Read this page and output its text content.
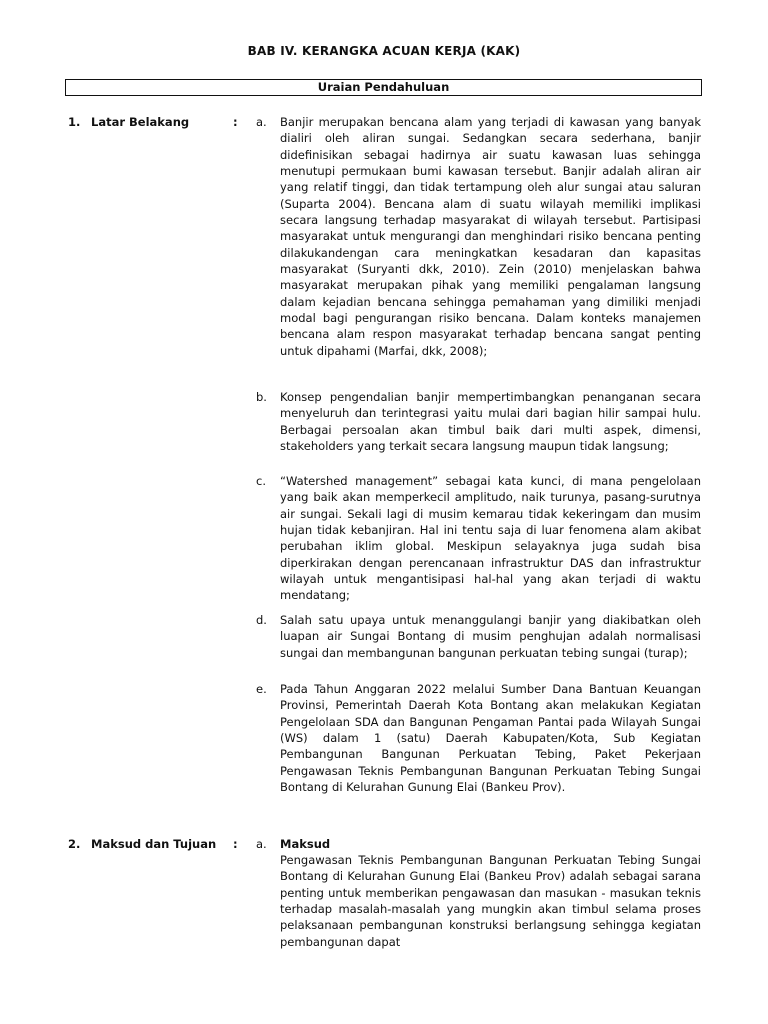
BAB IV. KERANGKA ACUAN KERJA (KAK)
Uraian Pendahuluan
1. Latar Belakang	: a. Banjir merupakan bencana alam yang terjadi di kawasan yang banyak dialiri oleh aliran sungai. Sedangkan secara sederhana, banjir didefinisikan sebagai hadirnya air suatu kawasan luas sehingga menutupi permukaan bumi kawasan tersebut. Banjir adalah aliran air yang relatif tinggi, dan tidak tertampung oleh alur sungai atau saluran (Suparta 2004). Bencana alam di suatu wilayah memiliki implikasi secara langsung terhadap masyarakat di wilayah tersebut. Partisipasi masyarakat untuk mengurangi dan menghindari risiko bencana penting dilakukandengan cara meningkatkan kesadaran dan kapasitas masyarakat (Suryanti dkk, 2010). Zein (2010) menjelaskan bahwa masyarakat merupakan pihak yang memiliki pengalaman langsung dalam kejadian bencana sehingga pemahaman yang dimiliki menjadi modal bagi pengurangan risiko bencana. Dalam konteks manajemen bencana alam respon masyarakat terhadap bencana sangat penting untuk dipahami (Marfai, dkk, 2008);
b. Konsep pengendalian banjir mempertimbangkan penanganan secara menyeluruh dan terintegrasi yaitu mulai dari bagian hilir sampai hulu. Berbagai persoalan akan timbul baik dari multi aspek, dimensi, stakeholders yang terkait secara langsung maupun tidak langsung;
c. “Watershed management” sebagai kata kunci, di mana pengelolaan yang baik akan memperkecil amplitudo, naik turunya, pasang-surutnya air sungai. Sekali lagi di musim kemarau tidak kekeringam dan musim hujan tidak kebanjiran. Hal ini tentu saja di luar fenomena alam akibat perubahan iklim global. Meskipun selayaknya juga sudah bisa diperkirakan dengan perencanaan infrastruktur DAS dan infrastruktur wilayah untuk mengantisipasi hal-hal yang akan terjadi di waktu mendatang;
d. Salah satu upaya untuk menanggulangi banjir yang diakibatkan oleh luapan air Sungai Bontang di musim penghujan adalah normalisasi sungai dan membangunan bangunan perkuatan tebing sungai (turap);
e. Pada Tahun Anggaran 2022 melalui Sumber Dana Bantuan Keuangan Provinsi, Pemerintah Daerah Kota Bontang akan melakukan Kegiatan Pengelolaan SDA dan Bangunan Pengaman Pantai pada Wilayah Sungai (WS) dalam 1 (satu) Daerah Kabupaten/Kota, Sub Kegiatan Pembangunan Bangunan Perkuatan Tebing, Paket Pekerjaan Pengawasan Teknis Pembangunan Bangunan Perkuatan Tebing Sungai Bontang di Kelurahan Gunung Elai (Bankeu Prov).
2. Maksud dan Tujuan : a. Maksud
Pengawasan Teknis Pembangunan Bangunan Perkuatan Tebing Sungai Bontang di Kelurahan Gunung Elai (Bankeu Prov) adalah sebagai sarana penting untuk memberikan pengawasan dan masukan - masukan teknis terhadap masalah-masalah yang mungkin akan timbul selama proses pelaksanaan pembangunan konstruksi berlangsung sehingga kegiatan pembangunan dapat
